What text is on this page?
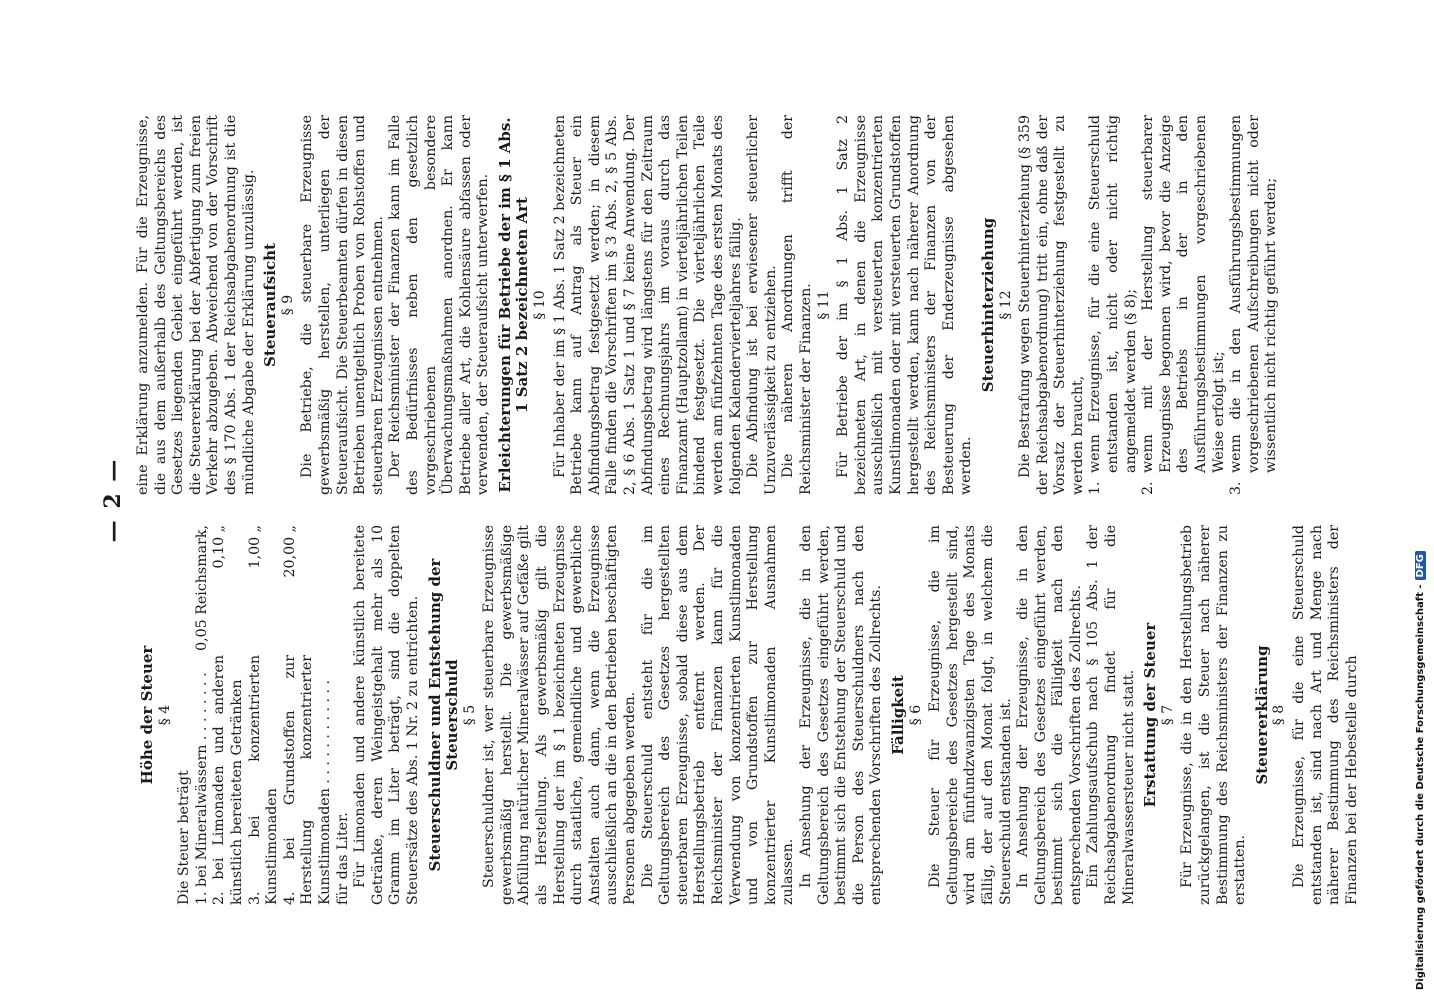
— 2 —
Höhe der Steuer § 4

Die Steuer beträgt 1. bei Mineralwässern . . . . . . . .
0,05 Reichsmark,
2. bei Limonaden und anderen künstlich bereiteten Getränken
0,10 „
3. bei konzentrierten Kunstlimonaden
1,00 „
4. bei Grundstoffen zur Herstellung konzentrierter Kunstlimonaden . . . . . . . . . . . .
20,00 „

für das Liter. Für Limonaden und andere künstlich bereitete Getränke, deren Weingeistgehalt mehr als 10 Gramm im Liter beträgt, sind die doppelten Steuersätze des Abs. 1 Nr. 2 zu entrichten. Steuerschuldner und Entstehung der Steuerschuld § 5 Steuerschuldner ist, wer steuerbare Erzeugnisse gewerbsmäßig herstellt. Die gewerbsmäßige Abfüllung natürlicher Mineralwässer auf Gefäße gilt als Herstellung. Als gewerbsmäßig gilt die Herstellung der im § 1 bezeichneten Erzeugnisse durch staatliche, gemeindliche und gewerbliche Anstalten auch dann, wenn die Erzeugnisse ausschließlich an die in den Betrieben beschäftigten Personen abgegeben werden. Die Steuerschuld entsteht für die im Geltungsbereich des Gesetzes hergestellten steuerbaren Erzeugnisse, sobald diese aus dem Herstellungsbetrieb entfernt werden. Der Reichsminister der Finanzen kann für die Verwendung von konzentrierten Kunstlimonaden und von Grundstoffen zur Herstellung konzentrierter Kunstlimonaden Ausnahmen zulassen. In Ansehung der Erzeugnisse, die in den Geltungsbereich des Gesetzes eingeführt werden, bestimmt sich die Entstehung der Steuerschuld und die Person des Steuerschuldners nach den entsprechenden Vorschriften des Zollrechts. Fälligkeit § 6 Die Steuer für Erzeugnisse, die im Geltungsbereiche des Gesetzes hergestellt sind, wird am fünfundzwanzigsten Tage des Monats fällig, der auf den Monat folgt, in welchem die Steuerschuld entstanden ist. In Ansehung der Erzeugnisse, die in den Geltungsbereich des Gesetzes eingeführt werden, bestimmt sich die Fälligkeit nach den entsprechenden Vorschriften des Zollrechts. Ein Zahlungsaufschub nach § 105 Abs. 1 der Reichsabgabenordnung findet für die Mineralwassersteuer nicht statt. Erstattung der Steuer § 7 Für Erzeugnisse, die in den Herstellungsbetrieb zurückgelangen, ist die Steuer nach näherer Bestimmung des Reichsministers der Finanzen zu erstatten.

Steuererklärung § 8 Die Erzeugnisse, für die eine Steuerschuld entstanden ist, sind nach Art und Menge nach näherer Bestimmung des Reichsministers der Finanzen bei der Hebestelle durch

eine Erklärung anzumelden. Für die Erzeugnisse, die aus dem außerhalb des Geltungsbereichs des Gesetzes liegenden Gebiet eingeführt werden, ist die Steuererklärung bei der Abfertigung zum freien Verkehr abzugeben. Abweichend von der Vorschrift des § 170 Abs. 1 der Reichsabgabenordnung ist die mündliche Abgabe der Erklärung unzulässig. Steueraufsicht § 9 Die Betriebe, die steuerbare Erzeugnisse gewerbsmäßig herstellen, unterliegen der Steueraufsicht. Die Steuerbeamten dürfen in diesen Betrieben unentgeltlich Proben von Rohstoffen und steuerbaren Erzeugnissen entnehmen. Der Reichsminister der Finanzen kann im Falle des Bedürfnisses neben den gesetzlich vorgeschriebenen besondere Überwachungsmaßnahmen anordnen. Er kann Betriebe aller Art, die Kohlensäure abfassen oder verwenden, der Steueraufsicht unterwerfen. Erleichterungen für Betriebe der im § 1 Abs. 1 Satz 2 bezeichneten Art § 10 Für Inhaber der im § 1 Abs. 1 Satz 2 bezeichneten Betriebe kann auf Antrag als Steuer ein Abfindungsbetrag festgesetzt werden; in diesem Falle finden die Vorschriften im § 3 Abs. 2, § 5 Abs. 2, § 6 Abs. 1 Satz 1 und § 7 keine Anwendung. Der Abfindungsbetrag wird längstens für den Zeitraum eines Rechnungsjahrs im voraus durch das Finanzamt (Hauptzollamt) in vierteljährlichen Teilen bindend festgesetzt. Die vierteljährlichen Teile werden am fünfzehnten Tage des ersten Monats des folgenden Kalendervierteljahres fällig. Die Abfindung ist bei erwiesener steuerlicher Unzuverlässigkeit zu entziehen. Die näheren Anordnungen trifft der Reichsminister der Finanzen. § 11 Für Betriebe der im § 1 Abs. 1 Satz 2 bezeichneten Art, in denen die Erzeugnisse ausschließlich mit versteuerten konzentrierten Kunstlimonaden oder mit versteuerten Grundstoffen hergestellt werden, kann nach näherer Anordnung des Reichsministers der Finanzen von der Besteuerung der Enderzeugnisse abgesehen werden.

Steuerhinterziehung § 12 Die Bestrafung wegen Steuerhinterziehung (§ 359 der Reichsabgabenordnung) tritt ein, ohne daß der Vorsatz der Steuerhinterziehung festgestellt zu werden braucht, 1.
wenn Erzeugnisse, für die eine Steuerschuld entstanden ist, nicht oder nicht richtig angemeldet werden (§ 8);
2.
wenn mit der Herstellung steuerbarer Erzeugnisse begonnen wird, bevor die Anzeige des Betriebs in der in den Ausführungsbestimmungen vorgeschriebenen Weise erfolgt ist;
3.
wenn die in den Ausführungsbestimmungen vorgeschriebenen Aufschreibungen nicht oder wissentlich nicht richtig geführt werden;
Digitalisierung gefördert durch die Deutsche Forschungsgemeinschaft -DFG
